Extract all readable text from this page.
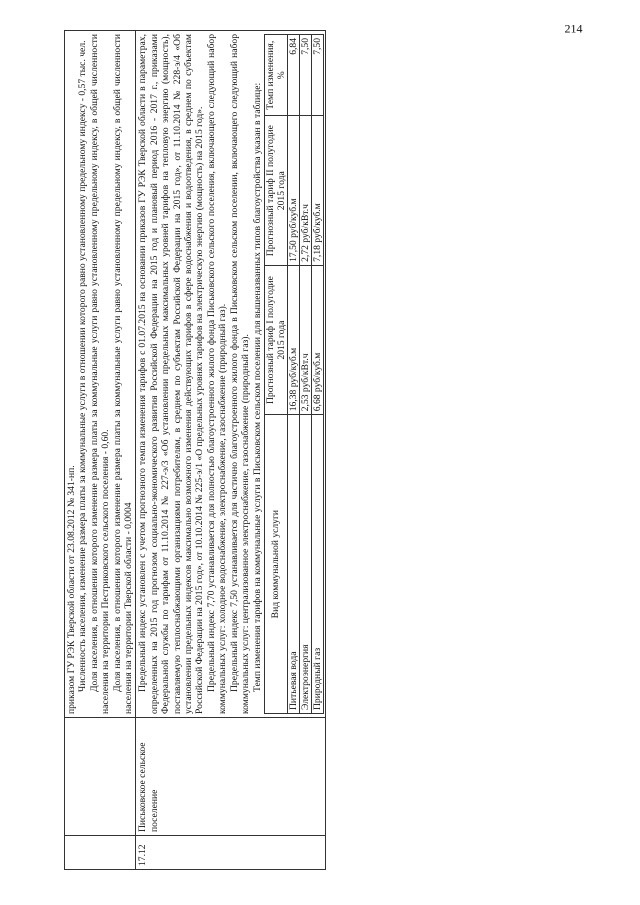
214

приказом ГУ РЭК Тверской области от 23.08.2012 № 341-нп. Численность населения, изменение размера платы за коммунальные услуги в отношении которого равно установленному предельному индексу - 0,57 тыс. чел. Доля населения, в отношении которого изменение размера платы за коммунальные услуги равно установленному предельному индексу, в общей численности населения на территории Пестриковского сельского поселения - 0,60. Доля населения, в отношении которого изменение размера платы за коммунальные услуги равно установленному предельному индексу, в общей численности населения на территории Тверской области - 0,0004

17.12	Письковское сельское поселение	

Предельный индекс установлен с учетом прогнозного темпа изменения тарифов с 01.07.2015 на основании приказов ГУ РЭК Тверской области в параметрах, определенных на 2015 год прогнозом социально-экономического развития Российской Федерации на 2015 год и плановый период 2016 - 2017 г., приказами Федеральной службы по тарифам от 11.10.2014 № 227-э/3 «Об установлении предельных максимальных уровней тарифов на тепловую энергию (мощность), поставляемую теплоснабжающими организациями потребителям, в среднем по субъектам Российской Федерации на 2015 год», от 11.10.2014 № 228-э/4 «Об установлении предельных индексов максимально возможного изменения действующих тарифов в сфере водоснабжения и водоотведения, в среднем по субъектам Российской Федерации на 2015 год», от 10.10.2014 № 225-э/1 «О предельных уровнях тарифов на электрическую энергию (мощность) на 2015 год». Предельный индекс 7,70 устанавливается для полностью благоустроенного жилого фонда Письковского сельского поселения, включающего следующий набор коммунальных услуг: холодное водоснабжение, электроснабжение, газоснабжение (природный газ). Предельный индекс 7,50 устанавливается для частично благоустроенного жилого фонда в Письковском сельском поселении, включающего следующий набор коммунальных услуг: централизованное электроснабжение, газоснабжение (природный газ). Темп изменения тарифов на коммунальные услуги в Письковском сельском поселении для вышеназванных типов благоустройства указан в таблице: Вид коммунальной услуги	Прогнозный тариф I полугодие 2015 года	Прогнозный тариф II полугодие 2015 года	Темп изменения, %
Питьевая вода	16,38 руб/куб.м	17,50 руб/куб.м	6,84
Электроэнергия	2,53 руб/кВт.ч	2,72 руб/кВт.ч	7,50
Природный газ	6,68 руб/куб.м	7,18 руб/куб.м	7,50
